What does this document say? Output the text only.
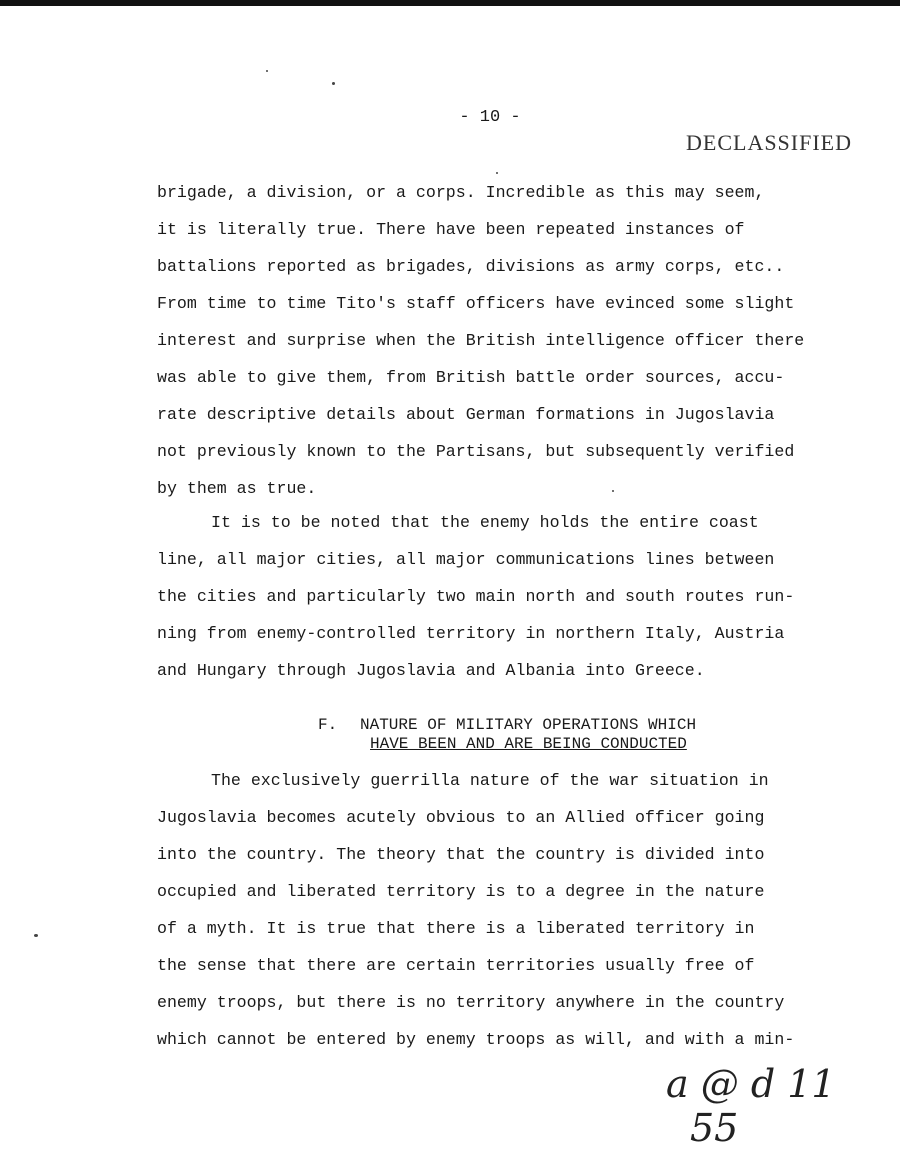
- 10 -
DECLASSIFIED
brigade, a division, or a corps. Incredible as this may seem,
it is literally true. There have been repeated instances of
battalions reported as brigades, divisions as army corps, etc..
From time to time Tito's staff officers have evinced some slight
interest and surprise when the British intelligence officer there
was able to give them, from British battle order sources, accu-
rate descriptive details about German formations in Jugoslavia
not previously known to the Partisans, but subsequently verified
by them as true.
It is to be noted that the enemy holds the entire coast
line, all major cities, all major communications lines between
the cities and particularly two main north and south routes run-
ning from enemy-controlled territory in northern Italy, Austria
and Hungary through Jugoslavia and Albania into Greece.
F. NATURE OF MILITARY OPERATIONS WHICH
HAVE BEEN AND ARE BEING CONDUCTED
The exclusively guerrilla nature of the war situation in
Jugoslavia becomes acutely obvious to an Allied officer going
into the country. The theory that the country is divided into
occupied and liberated territory is to a degree in the nature
of a myth. It is true that there is a liberated territory in
the sense that there are certain territories usually free of
enemy troops, but there is no territory anywhere in the country
which cannot be entered by enemy troops as will, and with a min-
a @ d 11
55
